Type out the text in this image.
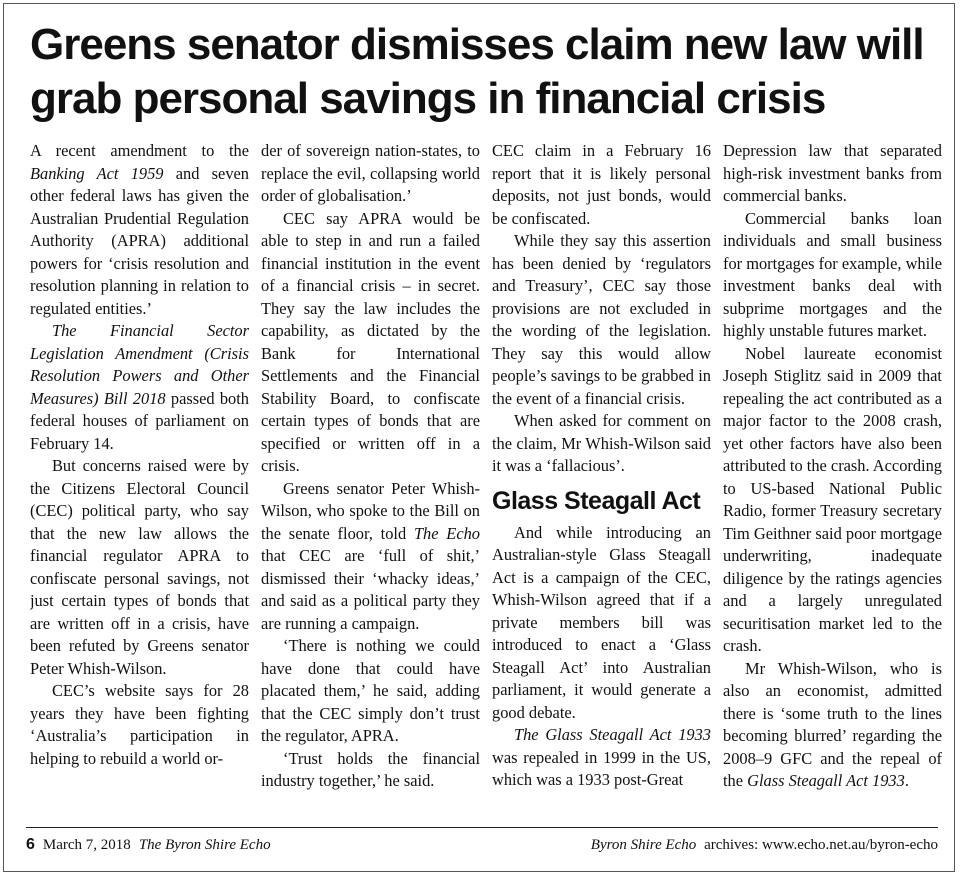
Greens senator dismisses claim new law will grab personal savings in financial crisis

A recent amendment to the Banking Act 1959 and seven other federal laws has given the Australian Prudential Regulation Authority (APRA) additional powers for ‘crisis resolution and resolution planning in relation to regulated entities.’

The Financial Sector Legislation Amendment (Crisis Resolution Powers and Other Measures) Bill 2018 passed both federal houses of parliament on February 14.

But concerns raised were by the Citizens Electoral Council (CEC) political party, who say that the new law allows the financial regulator APRA to confiscate personal savings, not just certain types of bonds that are written off in a crisis, have been refuted by Greens senator Peter Whish-Wilson.

CEC’s website says for 28 years they have been fighting ‘Australia’s participation in helping to rebuild a world or-

der of sovereign nation-states, to replace the evil, collapsing world order of globalisation.’

CEC say APRA would be able to step in and run a failed financial institution in the event of a financial crisis – in secret. They say the law includes the capability, as dictated by the Bank for International Settlements and the Financial Stability Board, to confiscate certain types of bonds that are specified or written off in a crisis.

Greens senator Peter Whish-Wilson, who spoke to the Bill on the senate floor, told The Echo that CEC are ‘full of shit,’ dismissed their ‘whacky ideas,’ and said as a political party they are running a campaign.

‘There is nothing we could have done that could have placated them,’ he said, adding that the CEC simply don’t trust the regulator, APRA.

‘Trust holds the financial industry together,’ he said.

CEC claim in a February 16 report that it is likely personal deposits, not just bonds, would be confiscated.

While they say this assertion has been denied by ‘regulators and Treasury’, CEC say those provisions are not excluded in the wording of the legislation. They say this would allow people’s savings to be grabbed in the event of a financial crisis.

When asked for comment on the claim, Mr Whish-Wilson said it was a ‘fallacious’.

Glass Steagall Act

And while introducing an Australian-style Glass Steagall Act is a campaign of the CEC, Whish-Wilson agreed that if a private members bill was introduced to enact a ‘Glass Steagall Act’ into Australian parliament, it would generate a good debate.

The Glass Steagall Act 1933 was repealed in 1999 in the US, which was a 1933 post-Great

Depression law that separated high-risk investment banks from commercial banks.

Commercial banks loan individuals and small business for mortgages for example, while investment banks deal with subprime mortgages and the highly unstable futures market.

Nobel laureate economist Joseph Stiglitz said in 2009 that repealing the act contributed as a major factor to the 2008 crash, yet other factors have also been attributed to the crash. According to US-based National Public Radio, former Treasury secretary Tim Geithner said poor mortgage underwriting, inadequate diligence by the ratings agencies and a largely unregulated securitisation market led to the crash.

Mr Whish-Wilson, who is also an economist, admitted there is ‘some truth to the lines becoming blurred’ regarding the 2008–9 GFC and the repeal of the Glass Steagall Act 1933.

6 March 7, 2018 The Byron Shire Echo	Byron Shire Echo archives: www.echo.net.au/byron-echo
